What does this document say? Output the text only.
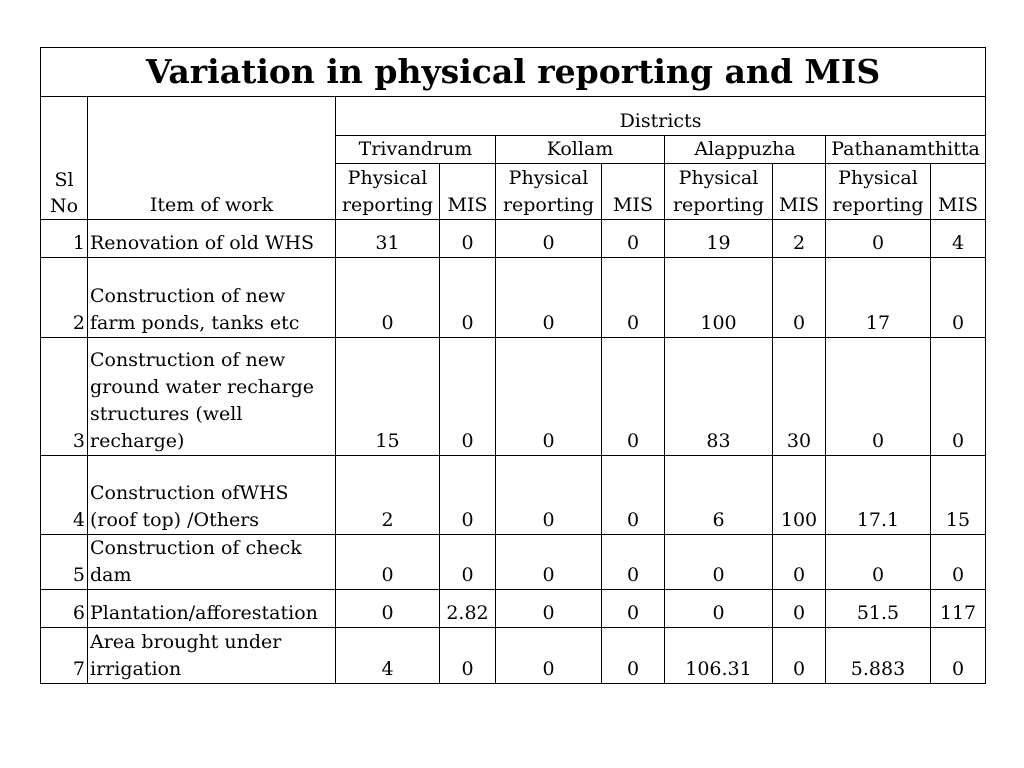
Variation in physical reporting and MIS									
Sl No	Item of work	Districts							
		Trivandrum		Kollam		Alappuzha		Pathanamthitta	
		Physical reporting	MIS	Physical reporting	MIS	Physical reporting	MIS	Physical reporting	MIS
1	Renovation of old WHS	31	0	0	0	19	2	0	4
2	Construction of new farm ponds, tanks etc	0	0	0	0	100	0	17	0
3	Construction of new ground water recharge structures (well recharge)	15	0	0	0	83	30	0	0
4	Construction ofWHS (roof top) /Others	2	0	0	0	6	100	17.1	15
5	Construction of check dam	0	0	0	0	0	0	0	0
6	Plantation/afforestation	0	2.82	0	0	0	0	51.5	117
7	Area brought under irrigation	4	0	0	0	106.31	0	5.883	0
